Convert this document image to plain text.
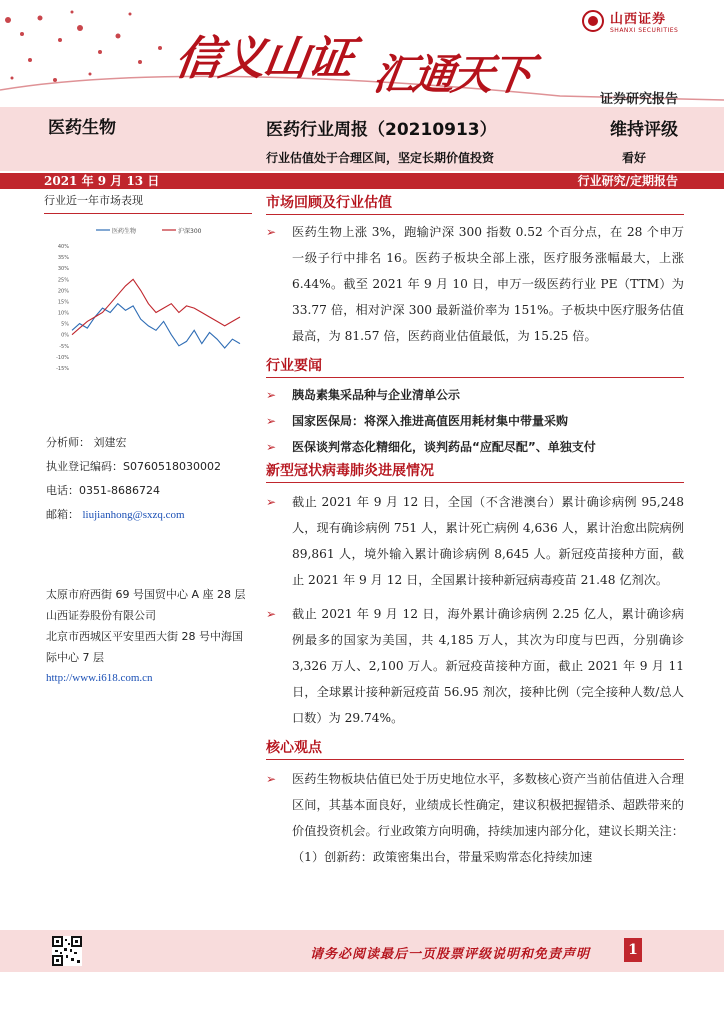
山西证券
SHANXI SECURITIES
信义山证 汇通天下
证券研究报告
医药生物	医药行业周报（20210913）	维持评级
行业估值处于合理区间，坚定长期价值投资	看好
2021 年 9 月 13 日	行业研究/定期报告
行业近一年市场表现
医药生物	沪深300
40%
35%
30%
25%
20%
15%
10%
5%
0%
-5%
-10%
-15%
分析师： 刘建宏
执业登记编码：S0760518030002
电话：0351-8686724
邮箱： liujianhong@sxzq.com
太原市府西街 69 号国贸中心 A 座 28 层
山西证券股份有限公司
北京市西城区平安里西大街 28 号中海国
际中心 7 层
http://www.i618.com.cn
市场回顾及行业估值
➢ 医药生物上涨 3%，跑输沪深 300 指数 0.52 个百分点，在 28 个申万一级子行中排名 16。医药子板块全部上涨，医疗服务涨幅最大，上涨 6.44%。截至 2021 年 9 月 10 日，申万一级医药行业 PE（TTM）为 33.77 倍，相对沪深 300 最新溢价率为 151%。子板块中医疗服务估值最高，为 81.57 倍，医药商业估值最低，为 15.25 倍。
行业要闻
➢ 胰岛素集采品种与企业清单公示
➢ 国家医保局：将深入推进高值医用耗材集中带量采购
➢ 医保谈判常态化精细化，谈判药品“应配尽配”、单独支付
新型冠状病毒肺炎进展情况
➢ 截止 2021 年 9 月 12 日，全国（不含港澳台）累计确诊病例 95,248 人，现有确诊病例 751 人，累计死亡病例 4,636 人，累计治愈出院病例 89,861 人，境外输入累计确诊病例 8,645 人。新冠疫苗接种方面，截止 2021 年 9 月 12 日，全国累计接种新冠病毒疫苗 21.48 亿剂次。
➢ 截止 2021 年 9 月 12 日，海外累计确诊病例 2.25 亿人，累计确诊病例最多的国家为美国，共 4,185 万人，其次为印度与巴西，分别确诊 3,326 万人、2,100 万人。新冠疫苗接种方面，截止 2021 年 9 月 11 日，全球累计接种新冠疫苗 56.95 剂次，接种比例（完全接种人数/总人口数）为 29.74%。
核心观点
➢ 医药生物板块估值已处于历史地位水平，多数核心资产当前估值进入合理区间，其基本面良好，业绩成长性确定，建议积极把握错杀、超跌带来的价值投资机会。行业政策方向明确，持续加速内部分化，建议长期关注：（1）创新药：政策密集出台，带量采购常态化持续加速
请务必阅读最后一页股票评级说明和免责声明	1
